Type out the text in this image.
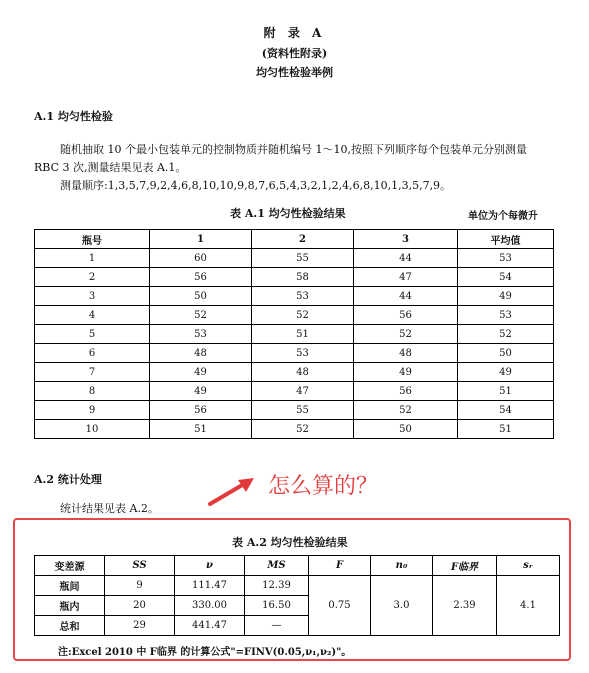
附 录 A
(资料性附录)
均匀性检验举例
A.1 均匀性检验
随机抽取 10 个最小包装单元的控制物质并随机编号 1～10,按照下列顺序每个包装单元分别测量
RBC 3 次,测量结果见表 A.1。
测量顺序:1,3,5,7,9,2,4,6,8,10,10,9,8,7,6,5,4,3,2,1,2,4,6,8,10,1,3,5,7,9。
表 A.1 均匀性检验结果	单位为个每微升
瓶号	1	2	3	平均值
1	60	55	44	53
2	56	58	47	54
3	50	53	44	49
4	52	52	56	53
5	53	51	52	52
6	48	53	48	50
7	49	48	49	49
8	49	47	56	51
9	56	55	52	54
10	51	52	50	51
A.2 统计处理
统计结果见表 A.2。
怎么算的？
表 A.2 均匀性检验结果
变差源	SS	ν	MS	F	n₀	F临界	sᵣ
瓶间	9	111.47	12.39	0.75	3.0	2.39	4.1
瓶内	20	330.00	16.50				
总和	29	441.47	—				
注:Excel 2010 中 F临界 的计算公式"=FINV(0.05,ν₁,ν₂)"。
